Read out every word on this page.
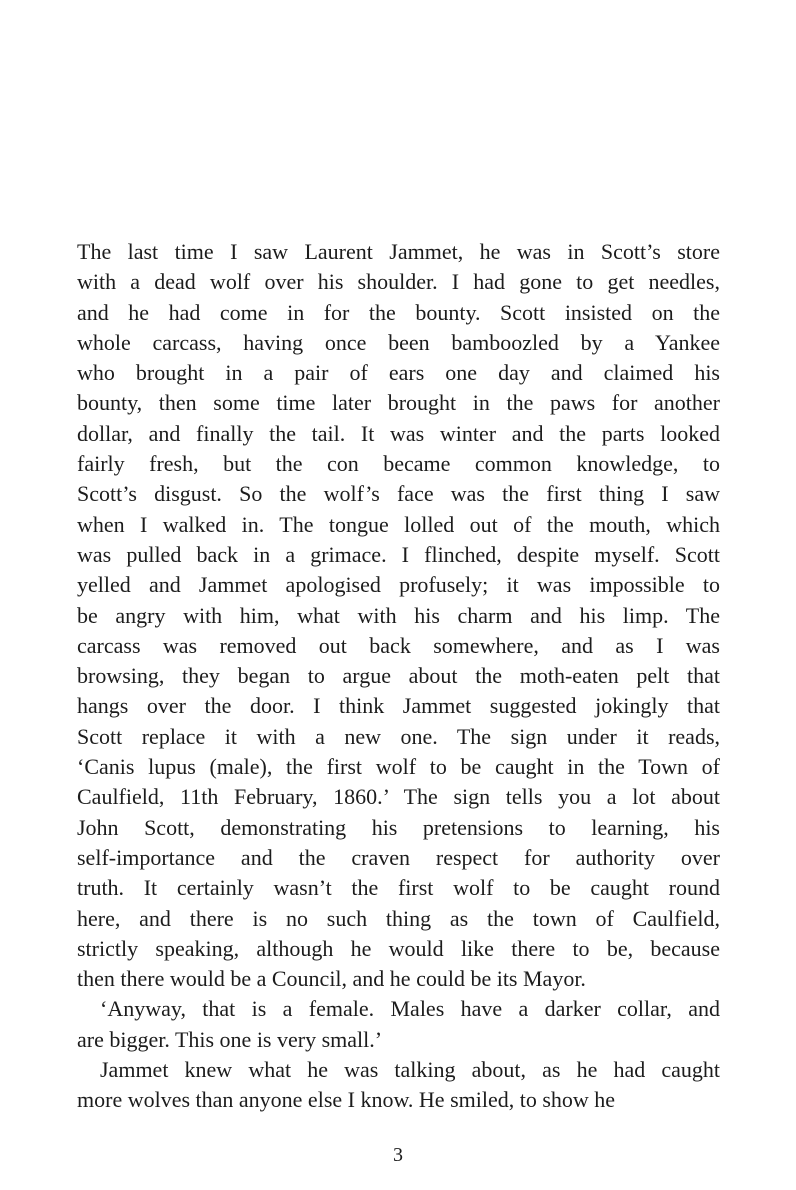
The last time I saw Laurent Jammet, he was in Scott’s store
with a dead wolf over his shoulder. I had gone to get needles,
and he had come in for the bounty. Scott insisted on the
whole carcass, having once been bamboozled by a Yankee
who brought in a pair of ears one day and claimed his
bounty, then some time later brought in the paws for another
dollar, and finally the tail. It was winter and the parts looked
fairly fresh, but the con became common knowledge, to
Scott’s disgust. So the wolf’s face was the first thing I saw
when I walked in. The tongue lolled out of the mouth, which
was pulled back in a grimace. I flinched, despite myself. Scott
yelled and Jammet apologised profusely; it was impossible to
be angry with him, what with his charm and his limp. The
carcass was removed out back somewhere, and as I was
browsing, they began to argue about the moth-eaten pelt that
hangs over the door. I think Jammet suggested jokingly that
Scott replace it with a new one. The sign under it reads,
‘Canis lupus (male), the first wolf to be caught in the Town of
Caulfield, 11th February, 1860.’ The sign tells you a lot about
John Scott, demonstrating his pretensions to learning, his
self-importance and the craven respect for authority over
truth. It certainly wasn’t the first wolf to be caught round
here, and there is no such thing as the town of Caulfield,
strictly speaking, although he would like there to be, because
then there would be a Council, and he could be its Mayor.
‘Anyway, that is a female. Males have a darker collar, and
are bigger. This one is very small.’
Jammet knew what he was talking about, as he had caught
more wolves than anyone else I know. He smiled, to show he
3
